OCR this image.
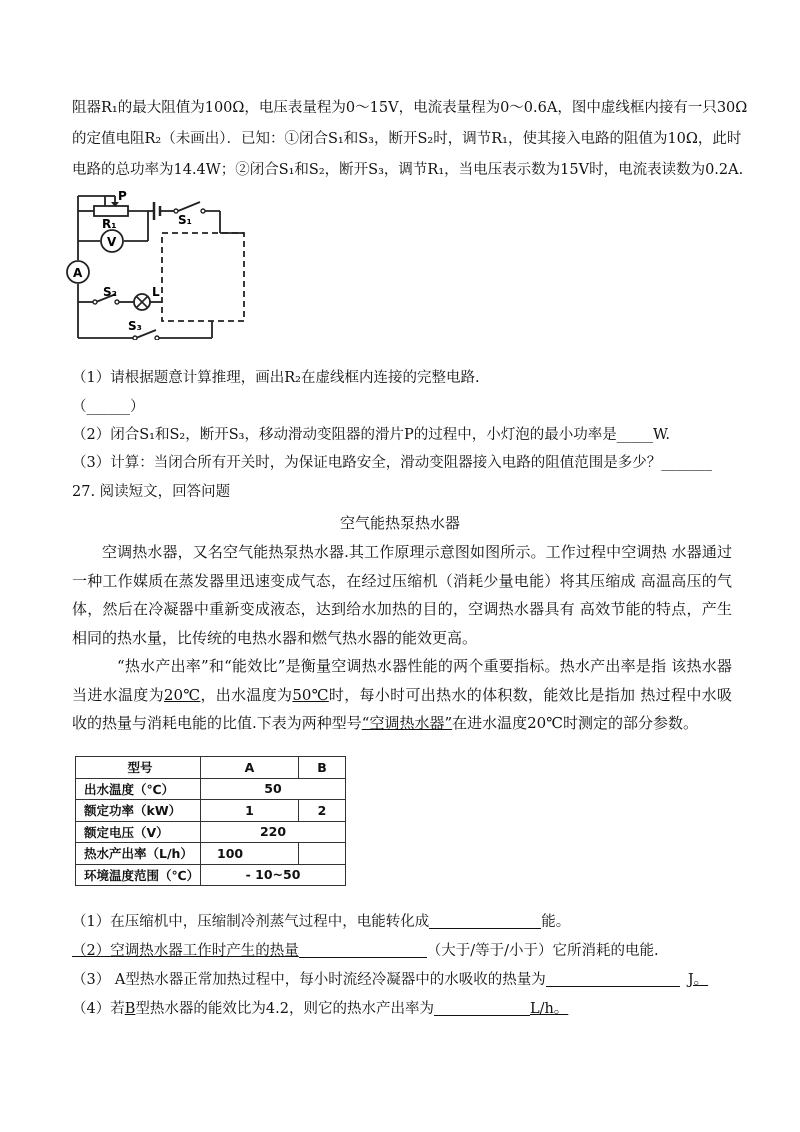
阻器R₁的最大阻值为100Ω，电压表量程为0～15V，电流表量程为0～0.6A，图中虚线框内接有一只30Ω
的定值电阻R₂（未画出）．已知：①闭合S₁和S₃，断开S₂时，调节R₁，使其接入电路的阻值为10Ω，此时
电路的总功率为14.4W；②闭合S₁和S₂，断开S₃，调节R₁，当电压表示数为15V时，电流表读数为0.2A.
P
R₁	S₁
V
A
S₂	L
S₃
（1）请根据题意计算推理，画出R₂在虚线框内连接的完整电路.
（______）
（2）闭合S₁和S₂，断开S₃，移动滑动变阻器的滑片P的过程中，小灯泡的最小功率是_____W.
（3）计算：当闭合所有开关时，为保证电路安全，滑动变阻器接入电路的阻值范围是多少？_______
27. 阅读短文，回答问题
空气能热泵热水器

空调热水器，又名空气能热泵热水器.其工作原理示意图如图所示。工作过程中空调热 水器通过一种工作媒质在蒸发器里迅速变成气态，在经过压缩机（消耗少量电能）将其压缩成 高温高压的气体，然后在冷凝器中重新变成液态，达到给水加热的目的，空调热水器具有 高效节能的特点，产生相同的热水量，比传统的电热水器和燃气热水器的能效更高。

“热水产出率”和“能效比”是衡量空调热水器性能的两个重要指标。热水产出率是指 该热水器当进水温度为20℃，出水温度为50℃时，每小时可出热水的体积数，能效比是指加 热过程中水吸收的热量与消耗电能的比值.下表为两种型号“空调热水器”在进水温度20℃时测定的部分参数。

型号	A	B
出水温度（℃）	50	
额定功率（kW）	1	2
额定电压（V）	220	
热水产出率（L/h）	100	
环境温度范围（℃）	- 10~50	
（1）在压缩机中，压缩制冷剂蒸气过程中，电能转化成	能。
（2）空调热水器工作时产生的热量	（大于/等于/小于）它所消耗的电能.
（3） A型热水器正常加热过程中，每小时流经冷凝器中的水吸收的热量为	J。
（4）若B型热水器的能效比为4.2，则它的热水产出率为	L/h。
